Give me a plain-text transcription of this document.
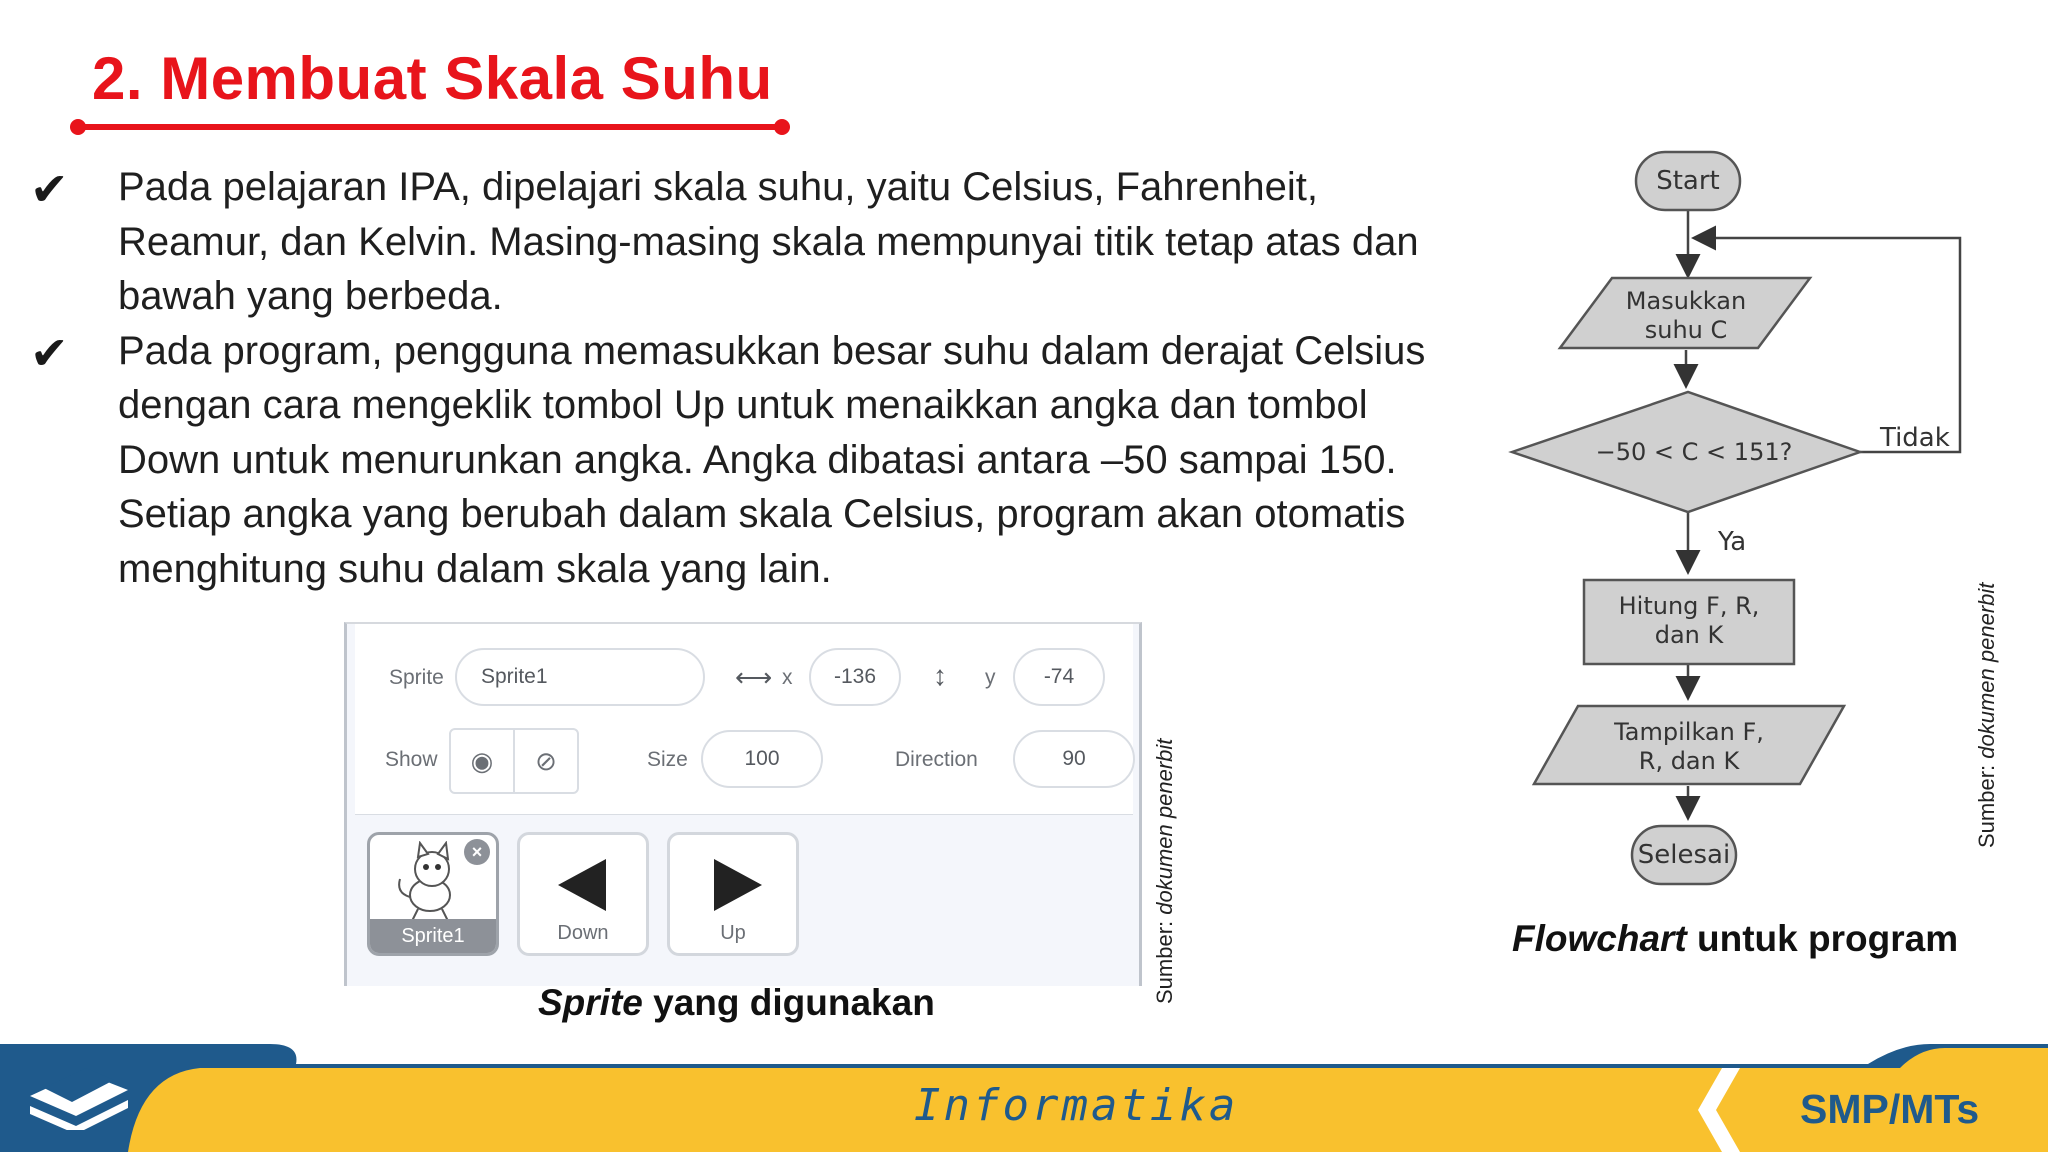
2. Membuat Skala Suhu
✔ Pada pelajaran IPA, dipelajari skala suhu, yaitu Celsius, Fahrenheit, Reamur, dan Kelvin. Masing-masing skala mempunyai titik tetap atas dan bawah yang berbeda.
✔ Pada program, pengguna memasukkan besar suhu dalam derajat Celsius dengan cara mengeklik tombol Up untuk menaikkan angka dan tombol Down untuk menurunkan angka. Angka dibatasi antara –50 sampai 150. Setiap angka yang berubah dalam skala Celsius, program akan otomatis menghitung suhu dalam skala yang lain.
Sprite	Sprite1	⟷ x	-136	↕ y	-74
Show	◉	⊘	Size	100	Direction	90
×
Sprite1	Down	Up
Sprite yang digunakan	Sumber: dokumen penerbit	Sumber: dokumen penerbit
Start
Masukkan
suhu C
−50 < C < 151?	Tidak
Ya
Hitung F, R,
dan K
Tampilkan F,
R, dan K
Selesai
Flowchart untuk program
Informatika	SMP/MTs
